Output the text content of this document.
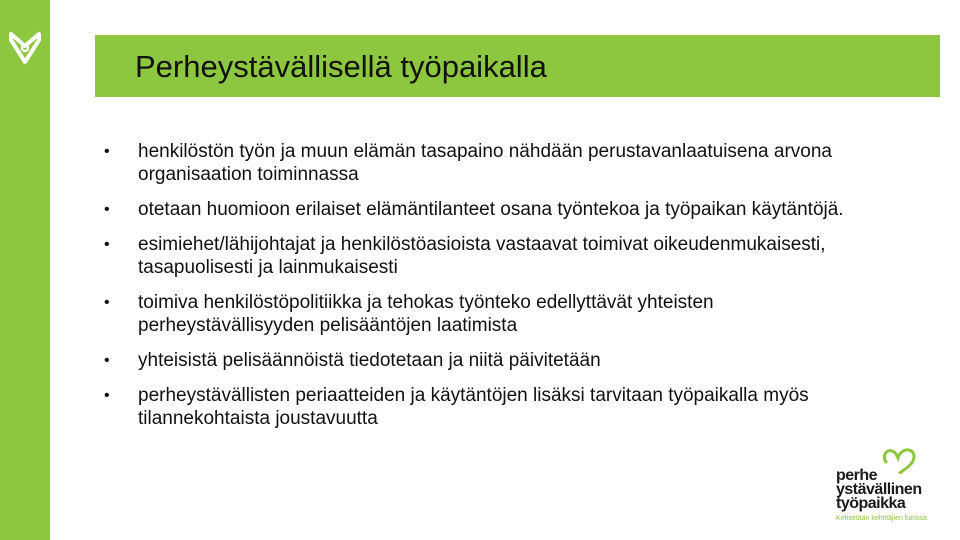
Perheystävällisellä työpaikalla
• henkilöstön työn ja muun elämän tasapaino nähdään perustavanlaatuisena arvona organisaation toiminnassa
• otetaan huomioon erilaiset elämäntilanteet osana työntekoa ja työpaikan käytäntöjä.
• esimiehet/lähijohtajat ja henkilöstöasioista vastaavat toimivat oikeudenmukaisesti, tasapuolisesti ja lainmukaisesti
• toimiva henkilöstöpolitiikka ja tehokas työnteko edellyttävät yhteisten perheystävällisyyden pelisääntöjen laatimista
• yhteisistä pelisäännöistä tiedotetaan ja niitä päivitetään
• perheystävällisten periaatteiden ja käytäntöjen lisäksi tarvitaan työpaikalla myös tilannekohtaista joustavuutta
perhe
ystävällinen
työpaikka
Kehitetään kehittäjien kanssa
